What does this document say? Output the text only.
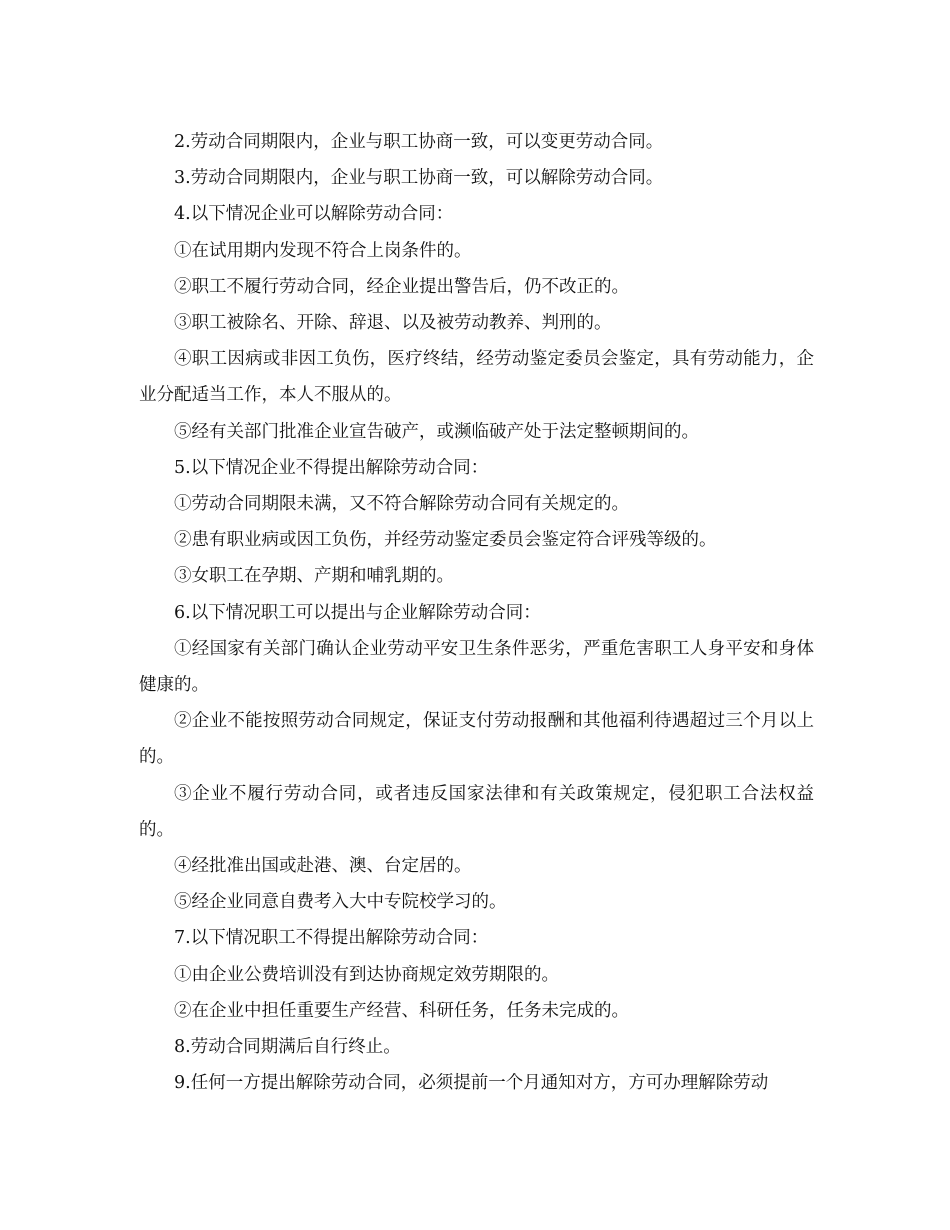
2.劳动合同期限内，企业与职工协商一致，可以变更劳动合同。

3.劳动合同期限内，企业与职工协商一致，可以解除劳动合同。

4.以下情况企业可以解除劳动合同：

①在试用期内发现不符合上岗条件的。

②职工不履行劳动合同，经企业提出警告后，仍不改正的。

③职工被除名、开除、辞退、以及被劳动教养、判刑的。

④职工因病或非因工负伤，医疗终结，经劳动鉴定委员会鉴定，具有劳动能力，企业分配适当工作，本人不服从的。

⑤经有关部门批准企业宣告破产，或濒临破产处于法定整顿期间的。

5.以下情况企业不得提出解除劳动合同：

①劳动合同期限未满，又不符合解除劳动合同有关规定的。

②患有职业病或因工负伤，并经劳动鉴定委员会鉴定符合评残等级的。

③女职工在孕期、产期和哺乳期的。

6.以下情况职工可以提出与企业解除劳动合同：

①经国家有关部门确认企业劳动平安卫生条件恶劣，严重危害职工人身平安和身体健康的。

②企业不能按照劳动合同规定，保证支付劳动报酬和其他福利待遇超过三个月以上的。

③企业不履行劳动合同，或者违反国家法律和有关政策规定，侵犯职工合法权益的。

④经批准出国或赴港、澳、台定居的。

⑤经企业同意自费考入大中专院校学习的。

7.以下情况职工不得提出解除劳动合同：

①由企业公费培训没有到达协商规定效劳期限的。

②在企业中担任重要生产经营、科研任务，任务未完成的。

8.劳动合同期满后自行终止。

9.任何一方提出解除劳动合同，必须提前一个月通知对方，方可办理解除劳动
